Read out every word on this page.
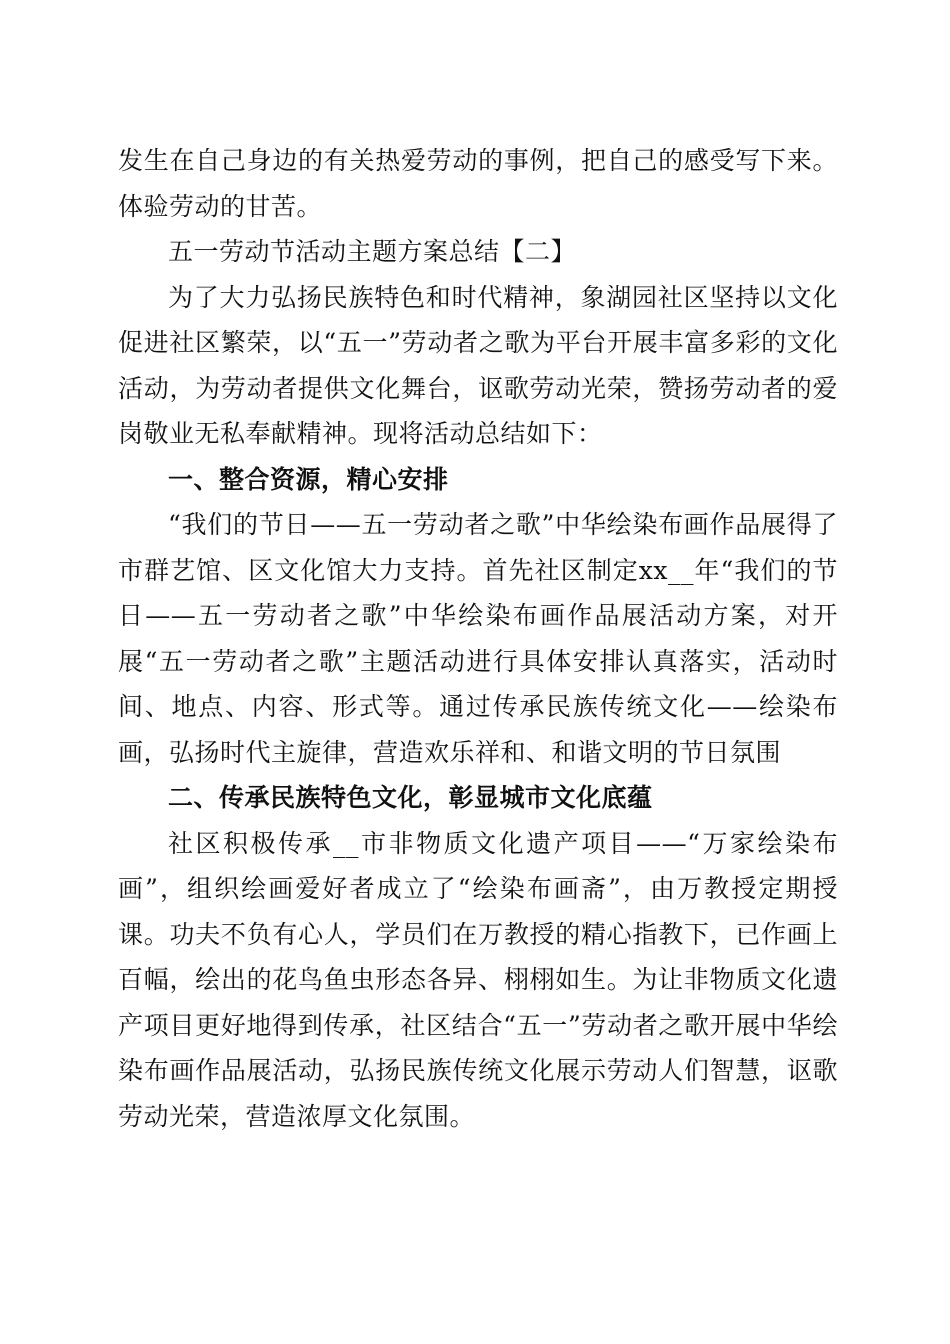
发生在自己身边的有关热爱劳动的事例，把自己的感受写下来。体验劳动的甘苦。

五一劳动节活动主题方案总结【二】

为了大力弘扬民族特色和时代精神，象湖园社区坚持以文化促进社区繁荣，以“五一”劳动者之歌为平台开展丰富多彩的文化活动，为劳动者提供文化舞台，讴歌劳动光荣，赞扬劳动者的爱岗敬业无私奉献精神。现将活动总结如下：

一、整合资源，精心安排

“我们的节日——五一劳动者之歌”中华绘染布画作品展得了市群艺馆、区文化馆大力支持。首先社区制定xx__年“我们的节日——五一劳动者之歌”中华绘染布画作品展活动方案，对开展“五一劳动者之歌”主题活动进行具体安排认真落实，活动时间、地点、内容、形式等。通过传承民族传统文化——绘染布画，弘扬时代主旋律，营造欢乐祥和、和谐文明的节日氛围

二、传承民族特色文化，彰显城市文化底蕴

社区积极传承__市非物质文化遗产项目——“万家绘染布画”，组织绘画爱好者成立了“绘染布画斋”，由万教授定期授课。功夫不负有心人，学员们在万教授的精心指教下，已作画上百幅，绘出的花鸟鱼虫形态各异、栩栩如生。为让非物质文化遗产项目更好地得到传承，社区结合“五一”劳动者之歌开展中华绘染布画作品展活动，弘扬民族传统文化展示劳动人们智慧，讴歌劳动光荣，营造浓厚文化氛围。
